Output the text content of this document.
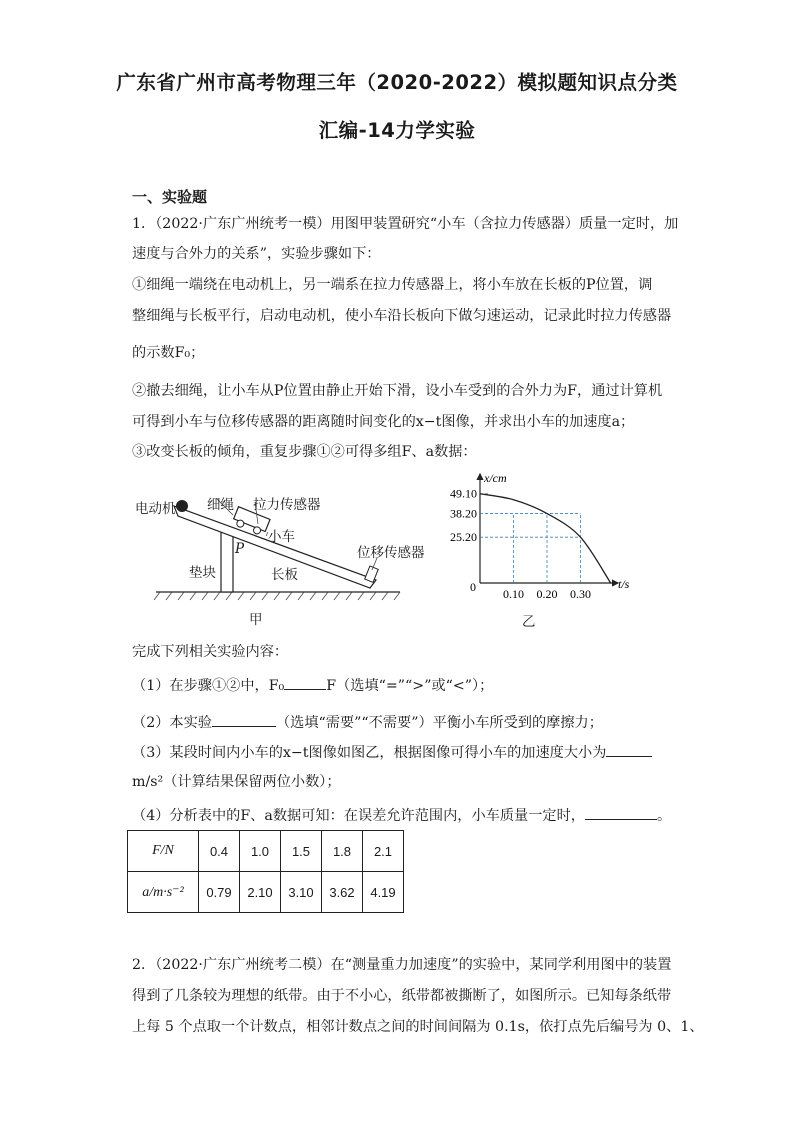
广东省广州市高考物理三年（2020-2022）模拟题知识点分类
汇编-14力学实验
一、实验题
1．（2022·广东广州统考一模）用图甲装置研究“小车（含拉力传感器）质量一定时，加
速度与合外力的关系”，实验步骤如下：
①细绳一端绕在电动机上，另一端系在拉力传感器上，将小车放在长板的P位置，调
整细绳与长板平行，启动电动机，使小车沿长板向下做匀速运动，记录此时拉力传感器
的示数F₀；
②撤去细绳，让小车从P位置由静止开始下滑，设小车受到的合外力为F，通过计算机
可得到小车与位移传感器的距离随时间变化的x−t图像，并求出小车的加速度a；
③改变长板的倾角，重复步骤①②可得多组F、a数据：
电动机 细绳 拉力传感器
小车
P	位移传感器
垫块	长板
甲
49.10
38.20
25.20
0.10 0.20 0.30
x/cm
t/s
0
乙
完成下列相关实验内容：
（1）在步骤①②中，F₀	F（选填“=”“>”或“<”）；
（2）本实验	（选填“需要”“不需要”）平衡小车所受到的摩擦力；
（3）某段时间内小车的x−t图像如图乙，根据图像可得小车的加速度大小为
m/s²（计算结果保留两位小数）；
（4）分析表中的F、a数据可知：在误差允许范围内，小车质量一定时，	。
F/N	0.4	1.0	1.5	1.8	2.1
a/m·s⁻²	0.79	2.10	3.10	3.62	4.19
2．（2022·广东广州统考二模）在“测量重力加速度”的实验中，某同学利用图中的装置
得到了几条较为理想的纸带。由于不小心，纸带都被撕断了，如图所示。已知每条纸带
上每 5 个点取一个计数点，相邻计数点之间的时间间隔为 0.1s，依打点先后编号为 0、1、
